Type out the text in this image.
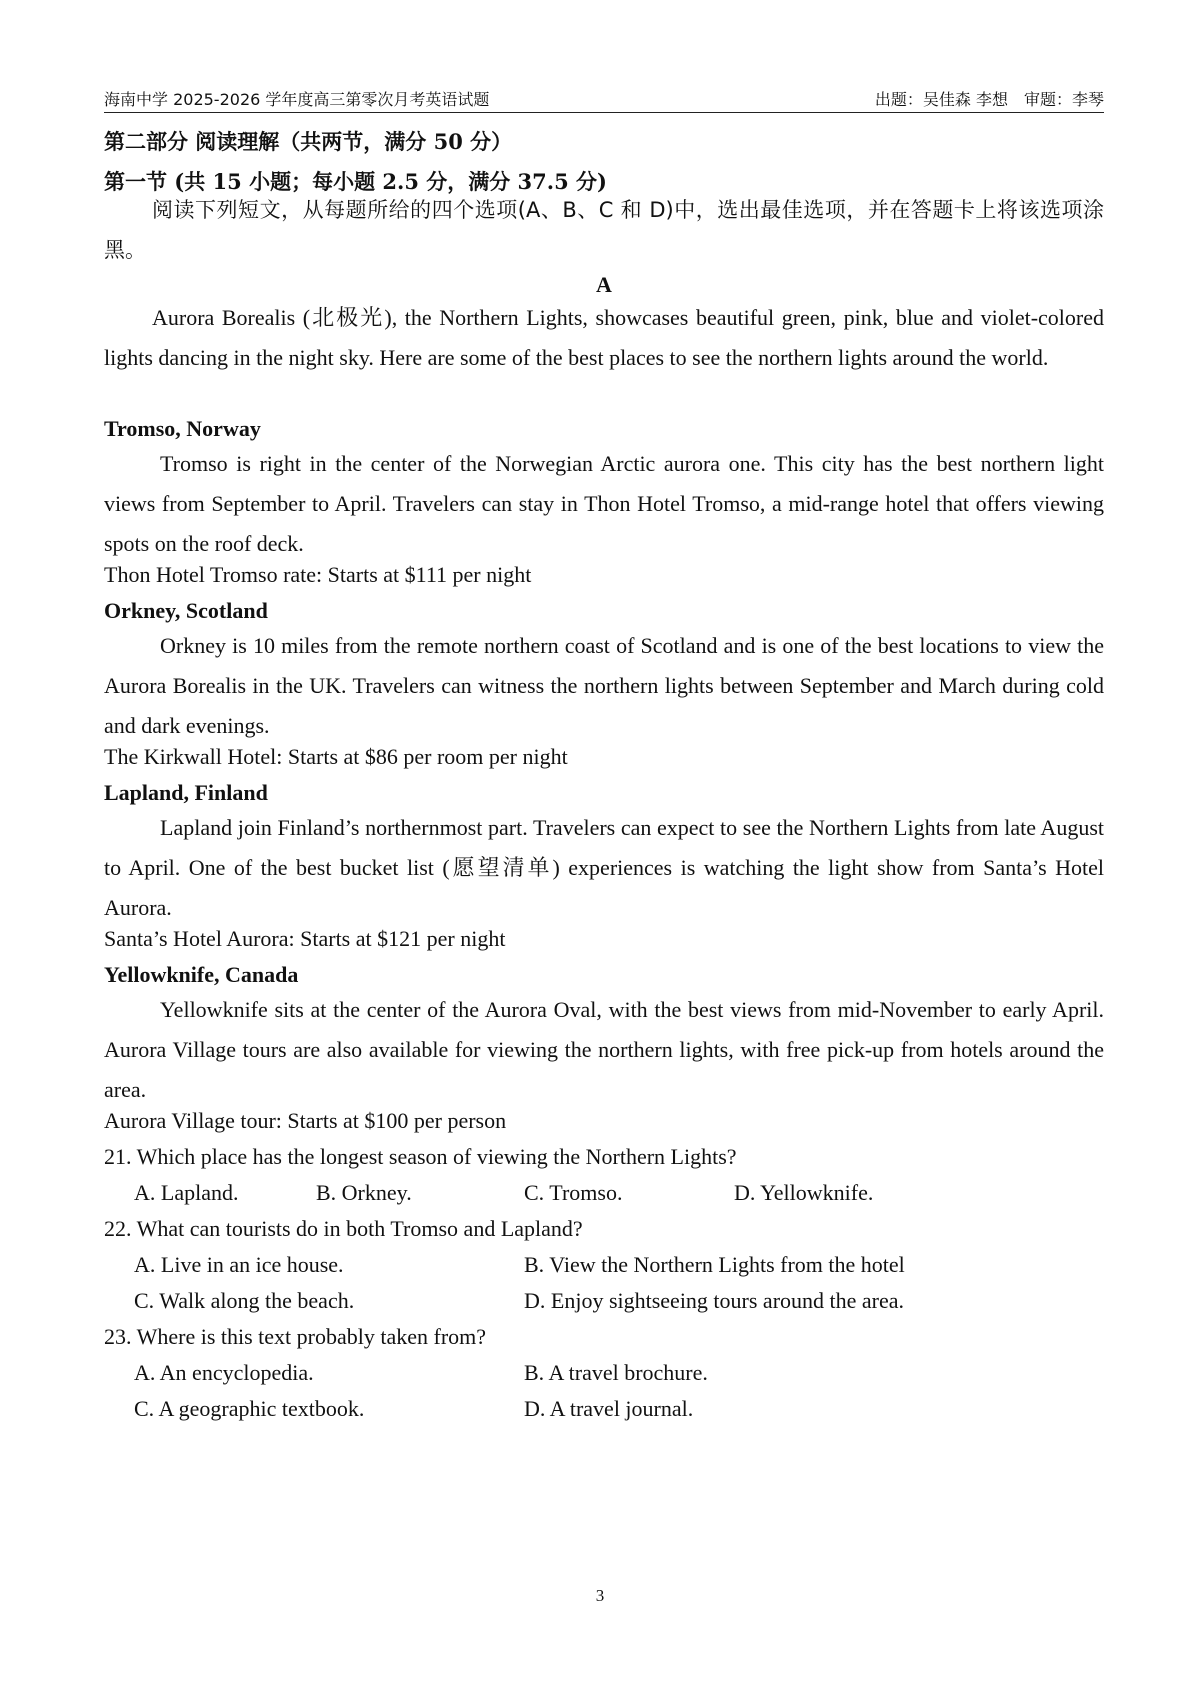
海南中学 2025-2026 学年度高三第零次月考英语试题	出题：吴佳森 李想　审题：李琴
第二部分 阅读理解（共两节，满分 50 分）
第一节 (共 15 小题；每小题 2.5 分，满分 37.5 分)
阅读下列短文，从每题所给的四个选项(A、B、C 和 D)中，选出最佳选项，并在答题卡上将该选项涂黑。
A
Aurora Borealis (北极光), the Northern Lights, showcases beautiful green, pink, blue and violet-colored lights dancing in the night sky. Here are some of the best places to see the northern lights around the world.
Tromso, Norway
Tromso is right in the center of the Norwegian Arctic aurora one. This city has the best northern light views from September to April. Travelers can stay in Thon Hotel Tromso, a mid-range hotel that offers viewing spots on the roof deck.
Thon Hotel Tromso rate: Starts at $111 per night
Orkney, Scotland
Orkney is 10 miles from the remote northern coast of Scotland and is one of the best locations to view the Aurora Borealis in the UK. Travelers can witness the northern lights between September and March during cold and dark evenings.
The Kirkwall Hotel: Starts at $86 per room per night
Lapland, Finland
Lapland join Finland’s northernmost part. Travelers can expect to see the Northern Lights from late August to April. One of the best bucket list (愿望清单) experiences is watching the light show from Santa’s Hotel Aurora.
Santa’s Hotel Aurora: Starts at $121 per night
Yellowknife, Canada
Yellowknife sits at the center of the Aurora Oval, with the best views from mid-November to early April. Aurora Village tours are also available for viewing the northern lights, with free pick-up from hotels around the area.
Aurora Village tour: Starts at $100 per person
21. Which place has the longest season of viewing the Northern Lights?
A. Lapland.	B. Orkney.	C. Tromso.	D. Yellowknife.
22. What can tourists do in both Tromso and Lapland?
A. Live in an ice house.	B. View the Northern Lights from the hotel
C. Walk along the beach.	D. Enjoy sightseeing tours around the area.
23. Where is this text probably taken from?
A. An encyclopedia.	B. A travel brochure.
C. A geographic textbook.	D. A travel journal.
3
